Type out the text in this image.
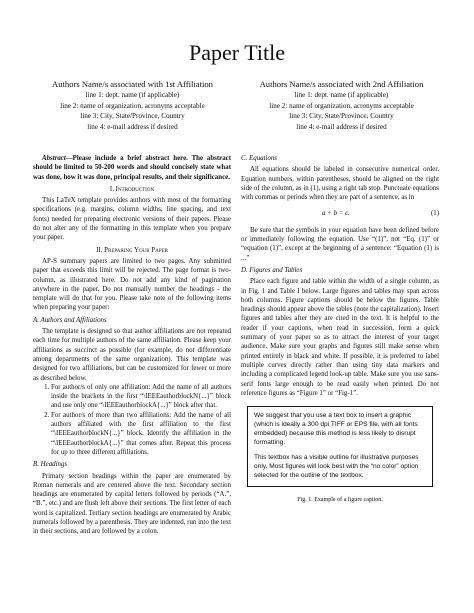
Paper Title
Authors Name/s associated with 1st Affiliation
line 1: dept. name (if applicable)
line 2: name of organization, acronyms acceptable
line 3: City, State/Province, Country
line 4: e-mail address if desired
Authors Name/s associated with 2nd Affiliation
line 1: dept. name (if applicable)
line 2: name of organization, acronyms acceptable
line 3: City, State/Province, Country
line 4: e-mail address if desired

Abstract—Please include a brief abstract here. The abstract should be limited to 50-200 words and should concisely state what was done, how it was done, principal results, and their significance.

I. Introduction

This LaTeX template provides authors with most of the formatting specifications (e.g. margins, column widths, line spacing, and text fonts) needed for preparing electronic versions of their papers. Please do not alter any of the formatting in this template when you prepare your paper.

II. Preparing Your Paper

AP-S summary papers are limited to two pages. Any submitted paper that exceeds this limit will be rejected. The page format is two-column, as illustrated here. Do not add any kind of pagination anywhere in the paper. Do not manually number the headings - the template will do that for you. Please take note of the following items when preparing your paper:

A. Authors and Affiliations

The template is designed so that author affiliations are not repeated each time for multiple authors of the same affiliation. Please keep your affiliations as succinct as possible (for example, do not differentiate among departments of the same organization). This template was designed for two affiliations, but can be customized for fewer or more as described below.

1. For author/s of only one affiliation: Add the name of all authors inside the brackets in the first “\IEEEauthorblockN{...}” block and use only one “\IEEEauthorblockA{...}” block after that.
2. For author/s of more than two affiliations: Add the name of all authors affiliated with the first affiliation to the first “\IEEEauthorblockN{...}” block. Identify the affiliation in the “\IEEEauthorblockA{...}” that comes after. Repeat this process for up to three different affiliations.
B. Headings

Primary section headings within the paper are enumerated by Roman numerals and are centered above the text. Secondary section headings are enumerated by capital letters followed by periods (“A.”, “B.”, etc.) and are flush left above their sections. The first letter of each word is capitalized. Tertiary section headings are enumerated by Arabic numerals followed by a parenthesis. They are indented, run into the text in their sections, and are followed by a colon.

C. Equations

All equations should be labeled in consecutive numerical order. Equation numbers, within parentheses, should be aligned on the right side of the column, as in (1), using a right tab stop. Punctuate equations with commas or periods when they are part of a sentence, as in

a + b = c.	(1)

Be sure that the symbols in your equation have been defined before or immediately following the equation. Use “(1)”, not “Eq. (1)” or “equation (1)”, except at the beginning of a sentence: “Equation (1) is ...”

D. Figures and Tables

Place each figure and table within the width of a single column, as in Fig. 1 and Table I below. Large figures and tables may span across both columns. Figure captions should be below the figures. Table headings should appear above the tables (note the capitalization). Insert figures and tables after they are cited in the text. It is helpful to the reader if your captions, when read in succession, form a quick summary of your paper so as to attract the interest of your target audience. Make sure your graphs and figures still make sense when printed entirely in black and white. If possible, it is preferred to label multiple curves directly rather than using tiny data markers and including a complicated legend look-up table. Make sure you use sans-serif fonts large enough to be read easily when printed. Do not reference figures as “Figure 1” or “Fig-1”.

We suggest that you use a text box to insert a graphic (which is ideally a 300 dpi TIFF or EPS file, with all fonts embedded) because this method is less likely to disrupt formatting.

This textbox has a visible outline for illustrative purposes only. Most figures will look best with the “no color” option selected for the outline of the textbox.

Fig. 1. Example of a figure caption.
